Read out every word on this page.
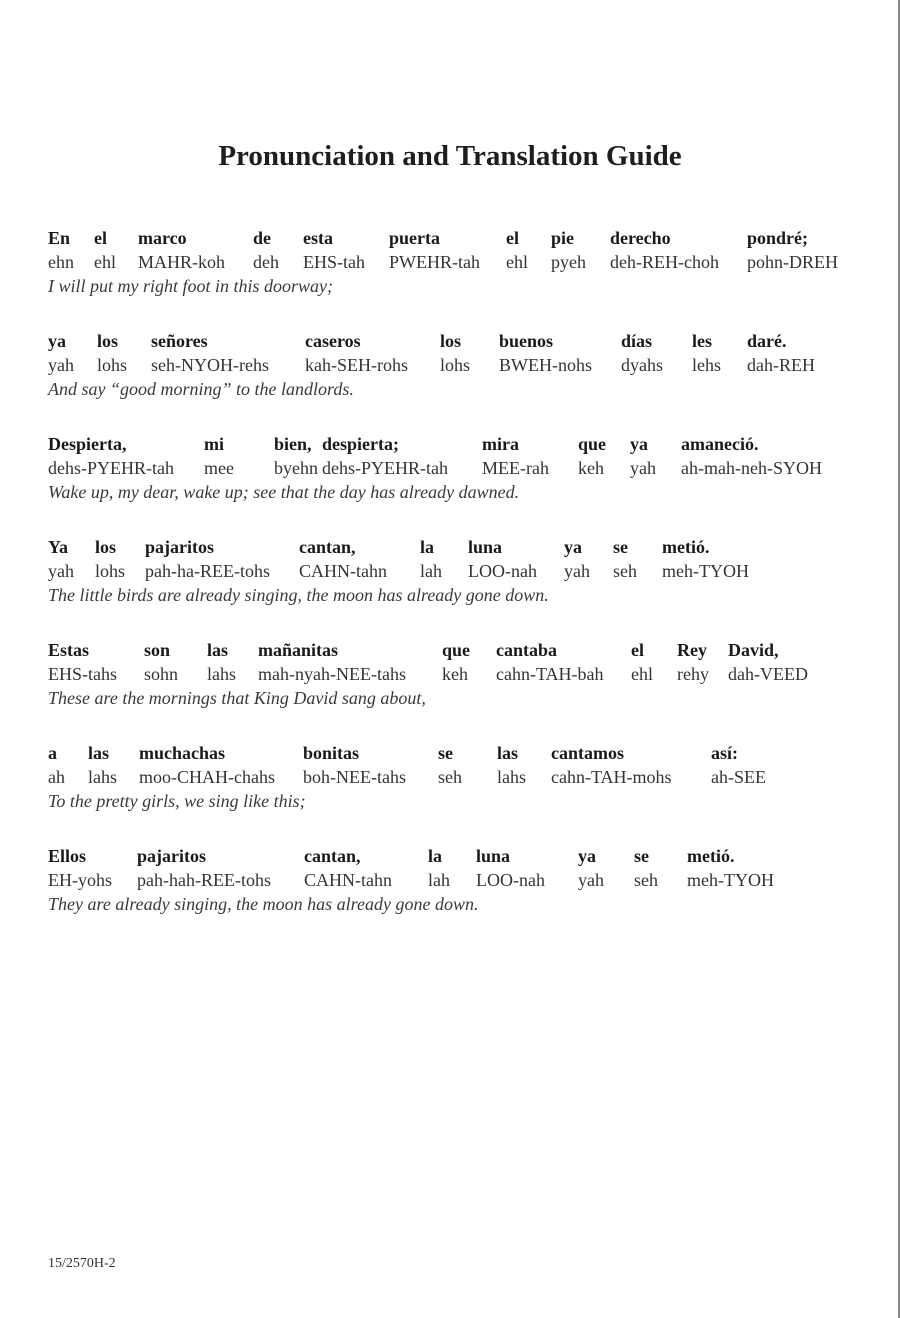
Pronunciation and Translation Guide
En el marco	de esta	puerta	el pie derecho	pondré;
ehn ehl MAHR-koh deh EHS-tah PWEHR-tah ehl pyeh deh-REH-choh pohn-DREH
I will put my right foot in this doorway;
ya los señores	caseros	los buenos	días les daré.
yah lohs seh-NYOH-rehs kah-SEH-rohs lohs BWEH-nohs dyahs lehs dah-REH
And say “good morning” to the landlords.
Despierta,	mi	bien, despierta;	mira	que ya amaneció.
dehs-PYEHR-tah mee byehn dehs-PYEHR-tah MEE-rah keh yah ah-mah-neh-SYOH
Wake up, my dear, wake up; see that the day has already dawned.
Ya los pajaritos	cantan,	la luna	ya se metió.
yah lohs pah-ha-REE-tohs CAHN-tahn lah LOO-nah yah seh meh-TYOH
The little birds are already singing, the moon has already gone down.
Estas	son las mañanitas	que cantaba	el Rey David,
EHS-tahs sohn lahs mah-nyah-NEE-tahs keh cahn-TAH-bah ehl rehy dah-VEED
These are the mornings that King David sang about,
a las muchachas	bonitas	se las cantamos	así:
ah lahs moo-CHAH-chahs boh-NEE-tahs seh lahs cahn-TAH-mohs ah-SEE
To the pretty girls, we sing like this;
Ellos	pajaritos	cantan,	la luna	ya se metió.
EH-yohs pah-hah-REE-tohs CAHN-tahn lah LOO-nah yah seh meh-TYOH
They are already singing, the moon has already gone down.
15/2570H-2
